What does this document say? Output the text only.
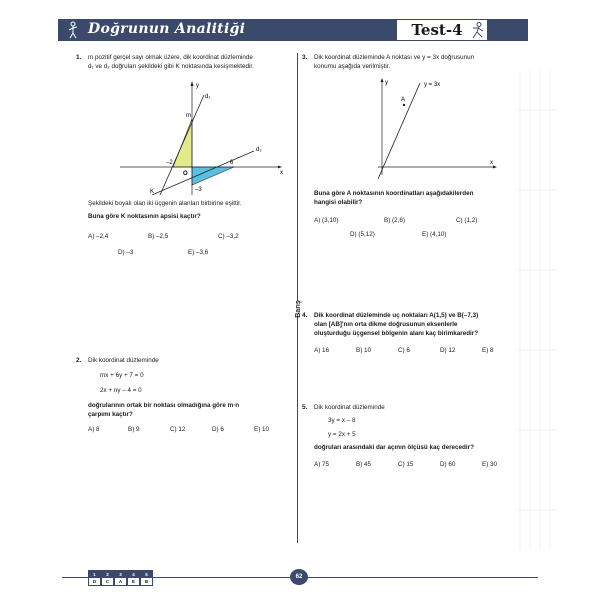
Doğrunun Analitiği	Test-4
Barış
1. m pozitif gerçel sayı olmak üzere, dik koordinat düzleminde
d₁ ve d₂ doğruları şekildeki gibi K noktasında kesişmektedir.
y
x
d₁
d₂
m
–2	6
–3
O
K
Şekildeki boyalı olan iki üçgenin alanları birbirine eşittir.
Buna göre K noktasının apsisi kaçtır?
A) –2,4	B) –2,5	C) –3,2
D) –3	E) –3,6
2. Dik koordinat düzleminde
mx + 6y + 7 = 0
2x + ny – 4 = 0
doğrularının ortak bir noktası olmadığına göre m·n
çarpımı kaçtır?
A) 8	B) 9	C) 12	D) 6	E) 10
3. Dik koordinat düzleminde A noktası ve y = 3x doğrusunun
konumu aşağıda verilmiştir.
y
x
y = 3x
A
Buna göre A noktasının koordinatları aşağıdakilerden
hangisi olabilir?
A) (3,10)	B) (2,6)	C) (1,2)
D) (5,12)	E) (4,10)
4. Dik koordinat düzleminde uç noktaları A(1,5) ve B(–7,3)
olan [AB]'nın orta dikme doğrusunun eksenlerle
oluşturduğu üçgensel bölgenin alanı kaç birimkaredir?
A) 16	B) 10	C) 6	D) 12	E) 8
5. Dik koordinat düzleminde
3y = x – 8
y = 2x + 5
doğruları arasındaki dar açının ölçüsü kaç derecedir?
A) 75	B) 45	C) 15	D) 60	E) 30
1
D
2
C
3
A
4
E
5
B
62
